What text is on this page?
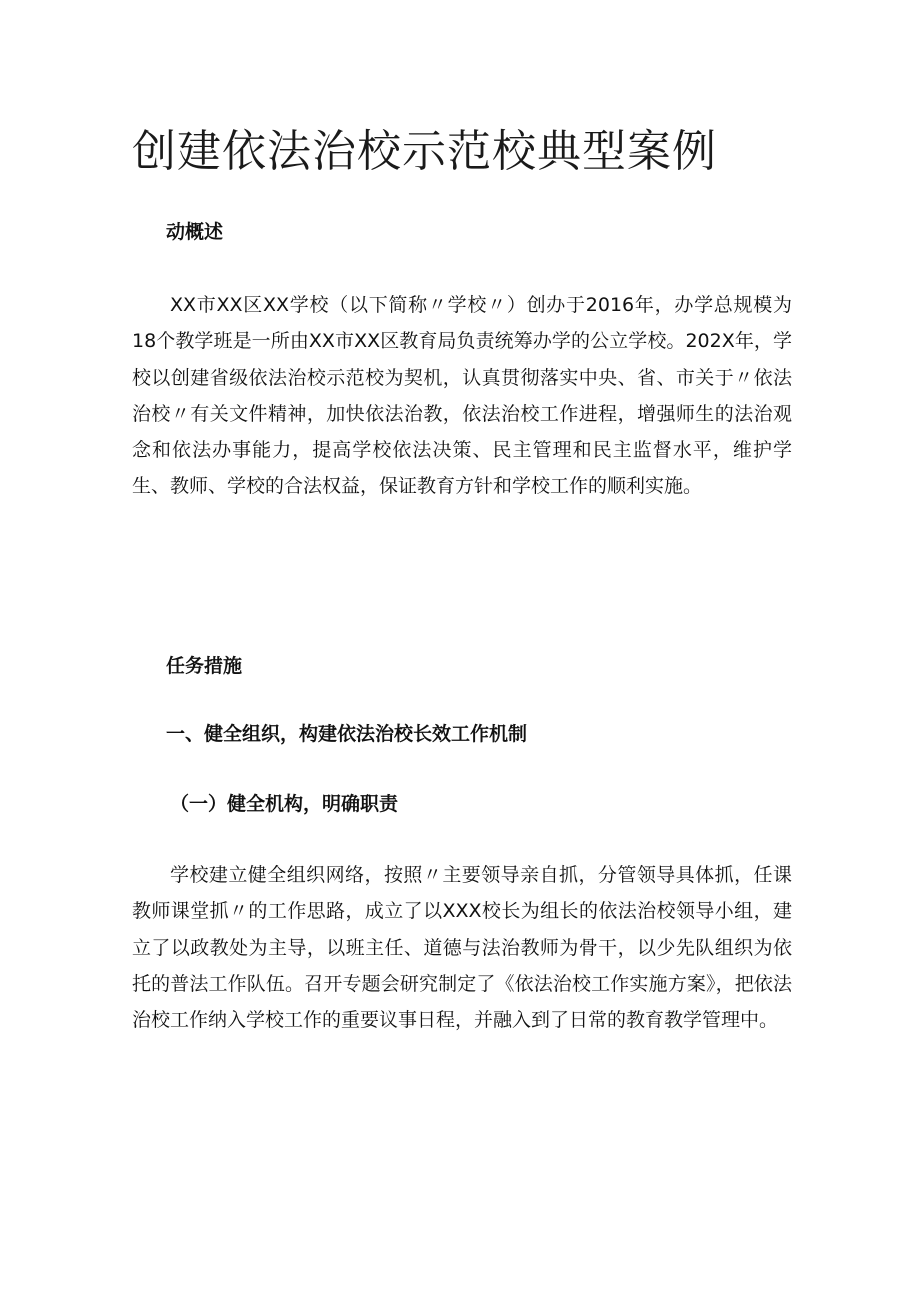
创建依法治校示范校典型案例
动概述

XX市XX区XX学校（以下简称〃学校〃）创办于2016年，办学总规模为18个教学班是一所由XX市XX区教育局负责统筹办学的公立学校。202X年，学校以创建省级依法治校示范校为契机，认真贯彻落实中央、省、市关于〃依法治校〃有关文件精神，加快依法治教，依法治校工作进程，增强师生的法治观念和依法办事能力，提高学校依法决策、民主管理和民主监督水平，维护学生、教师、学校的合法权益，保证教育方针和学校工作的顺利实施。

任务措施
一、健全组织，构建依法治校长效工作机制
（一）健全机构，明确职责

学校建立健全组织网络，按照〃主要领导亲自抓，分管领导具体抓，任课教师课堂抓〃的工作思路，成立了以XXX校长为组长的依法治校领导小组，建立了以政教处为主导，以班主任、道德与法治教师为骨干，以少先队组织为依托的普法工作队伍。召开专题会研究制定了《依法治校工作实施方案》，把依法治校工作纳入学校工作的重要议事日程，并融入到了日常的教育教学管理中。
